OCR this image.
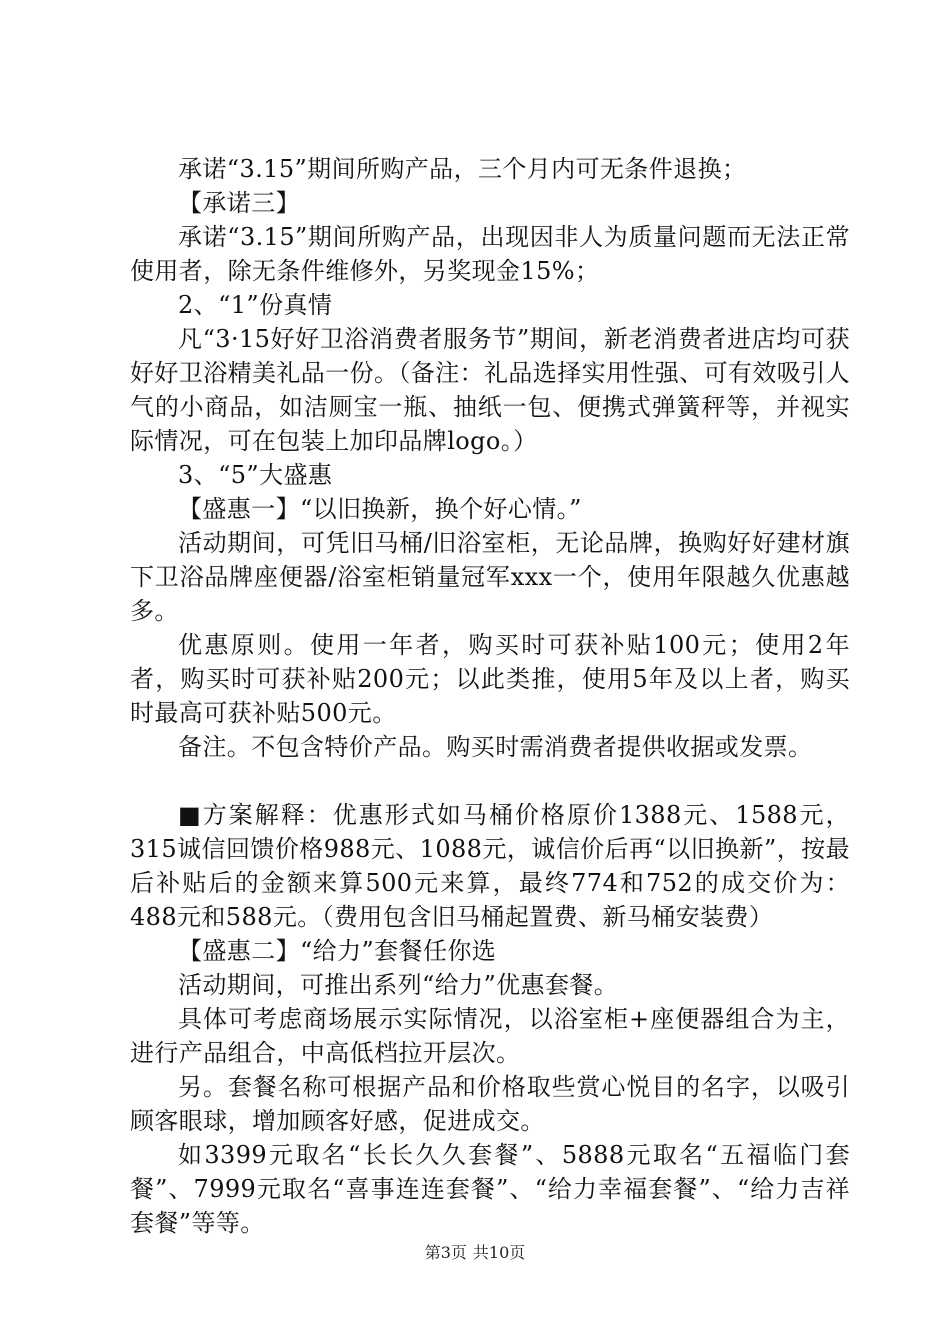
承诺“3.15”期间所购产品，三个月内可无条件退换；

【承诺三】

承诺“3.15”期间所购产品，出现因非人为质量问题而无法正常使用者，除无条件维修外，另奖现金15%；

2、“1”份真情

凡“3·15好好卫浴消费者服务节”期间，新老消费者进店均可获好好卫浴精美礼品一份。（备注：礼品选择实用性强、可有效吸引人气的小商品，如洁厕宝一瓶、抽纸一包、便携式弹簧秤等，并视实际情况，可在包装上加印品牌logo。）

3、“5”大盛惠

【盛惠一】“以旧换新，换个好心情。”

活动期间，可凭旧马桶/旧浴室柜，无论品牌，换购好好建材旗下卫浴品牌座便器/浴室柜销量冠军xxx一个，使用年限越久优惠越多。

优惠原则。使用一年者，购买时可获补贴100元；使用2年者，购买时可获补贴200元；以此类推，使用5年及以上者，购买时最高可获补贴500元。

备注。不包含特价产品。购买时需消费者提供收据或发票。

■方案解释：优惠形式如马桶价格原价1388元、1588元，315诚信回馈价格988元、1088元，诚信价后再“以旧换新”，按最后补贴后的金额来算500元来算，最终774和752的成交价为：488元和588元。（费用包含旧马桶起置费、新马桶安装费）

【盛惠二】“给力”套餐任你选

活动期间，可推出系列“给力”优惠套餐。

具体可考虑商场展示实际情况，以浴室柜+座便器组合为主，进行产品组合，中高低档拉开层次。

另。套餐名称可根据产品和价格取些赏心悦目的名字，以吸引顾客眼球，增加顾客好感，促进成交。

如3399元取名“长长久久套餐”、5888元取名“五福临门套餐”、7999元取名“喜事连连套餐”、“给力幸福套餐”、“给力吉祥套餐”等等。

第3页 共10页
